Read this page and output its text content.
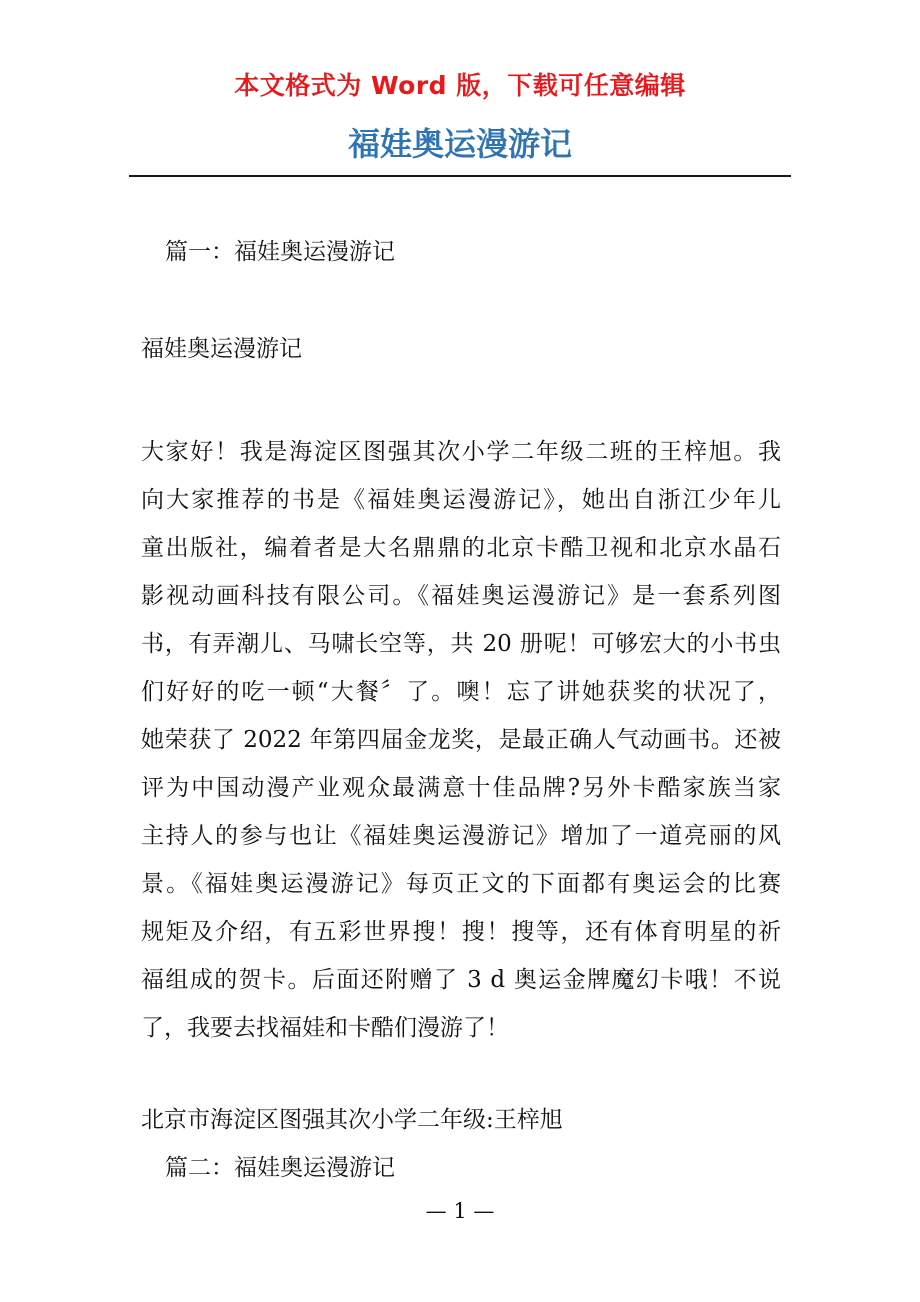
本文格式为 Word 版，下载可任意编辑
福娃奥运漫游记
篇一：福娃奥运漫游记
福娃奥运漫游记
大家好！我是海淀区图强其次小学二年级二班的王梓旭。我
向大家推荐的书是《福娃奥运漫游记》，她出自浙江少年儿
童出版社，编着者是大名鼎鼎的北京卡酷卫视和北京水晶石
影视动画科技有限公司。《福娃奥运漫游记》是一套系列图
书，有弄潮儿、马啸长空等，共 20 册呢！可够宏大的小书虫
们好好的吃一顿“大餐〞了。噢！忘了讲她获奖的状况了，
她荣获了 2022 年第四届金龙奖，是最正确人气动画书。还被
评为中国动漫产业观众最满意十佳品牌?另外卡酷家族当家
主持人的参与也让《福娃奥运漫游记》增加了一道亮丽的风
景。《福娃奥运漫游记》每页正文的下面都有奥运会的比赛
规矩及介绍，有五彩世界搜！搜！搜等，还有体育明星的祈
福组成的贺卡。后面还附赠了 3 d 奥运金牌魔幻卡哦！不说
了，我要去找福娃和卡酷们漫游了！
北京市海淀区图强其次小学二年级:王梓旭
篇二：福娃奥运漫游记
— 1 —
